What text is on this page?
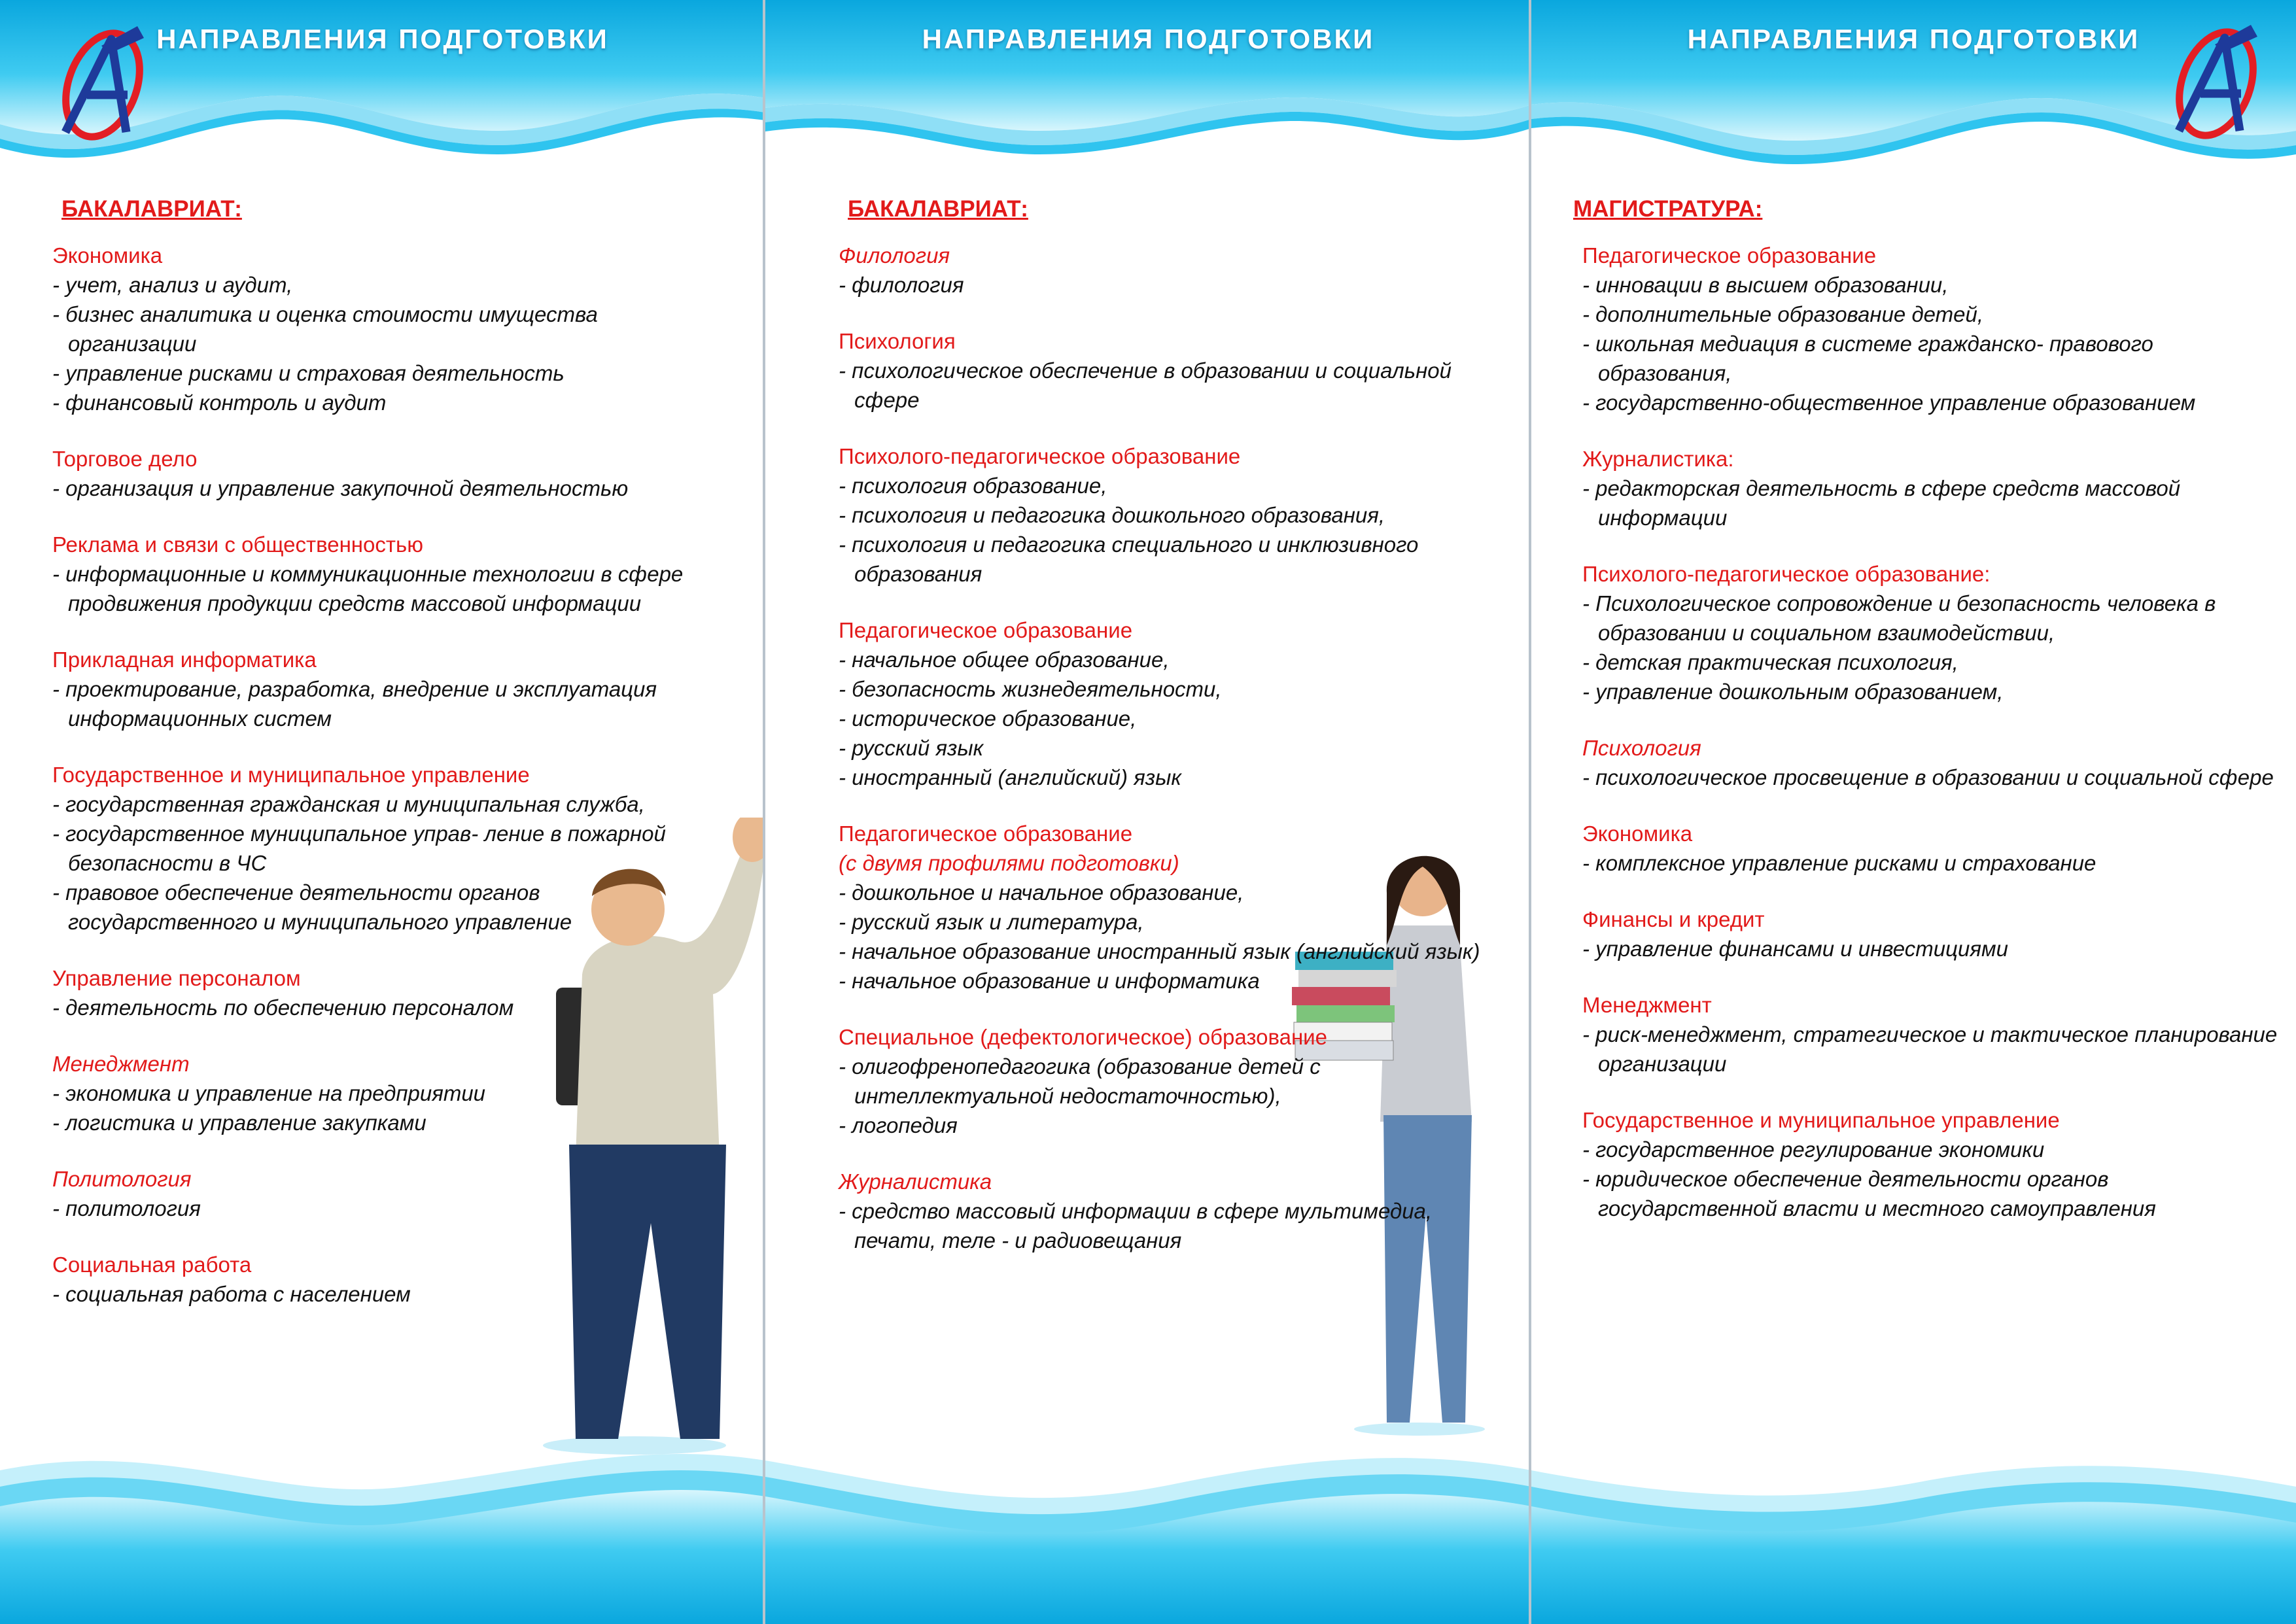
НАПРАВЛЕНИЯ ПОДГОТОВКИ
БАКАЛАВРИАТ:
Экономика
- учет, анализ и аудит,
- бизнес аналитика и оценка стоимости имущества организации
- управление рисками и страховая деятельность
- финансовый контроль и аудит
Торговое дело
- организация и управление закупочной деятельностью
Реклама и связи с общественностью
- информационные и коммуникационные технологии в сфере продвижения продукции средств массовой информации
Прикладная информатика
- проектирование, разработка, внедрение и эксплуатация информационных систем
Государственное и муниципальное управление
- государственная гражданская и муниципальная служба,
- государственное муниципальное управ- ление в пожарной безопасности в ЧС
- правовое обеспечение деятельности органов государственного и муниципального управление
Управление персоналом
- деятельность по обеспечению персоналом
Менеджмент
- экономика и управление на предприятии
- логистика и управление закупками
Политология
- политология
Социальная работа
- социальная работа с населением
НАПРАВЛЕНИЯ ПОДГОТОВКИ
БАКАЛАВРИАТ:
Филология
- филология
Психология
- психологическое обеспечение в образовании и социальной сфере
Психолого-педагогическое образование
- психология образование,
- психология и педагогика дошкольного образования,
- психология и педагогика специального и инклюзивного образования
Педагогическое образование
- начальное общее образование,
- безопасность жизнедеятельности,
- историческое образование,
- русский язык
- иностранный (английский) язык
Педагогическое образование
(с двумя профилями подготовки)
- дошкольное и начальное образование,
- русский язык и литература,
- начальное образование иностранный язык (английский язык)
- начальное образование и информатика
Специальное (дефектологическое) образование
- олигофренопедагогика (образование детей с интеллектуальной недостаточностью),
- логопедия
Журналистика
- средство массовый информации в сфере мультимедиа, печати, теле - и радиовещания
НАПРАВЛЕНИЯ ПОДГОТОВКИ
МАГИСТРАТУРА:
Педагогическое образование
- инновации в высшем образовании,
- дополнительные образование детей,
- школьная медиация в системе гражданско- правового образования,
- государственно-общественное управление образованием
Журналистика:
- редакторская деятельность в сфере средств массовой информации
Психолого-педагогическое образование:
- Психологическое сопровождение и безопасность человека в образовании и социальном взаимодействии,
- детская практическая психология,
- управление дошкольным образованием,
Психология
- психологическое просвещение в образовании и социальной сфере
Экономика
- комплексное управление рисками и страхование
Финансы и кредит
- управление финансами и инвестициями
Менеджмент
- риск-менеджмент, стратегическое и тактическое планирование организации
Государственное и муниципальное управление
- государственное регулирование экономики
- юридическое обеспечение деятельности органов государственной власти и местного самоуправления
